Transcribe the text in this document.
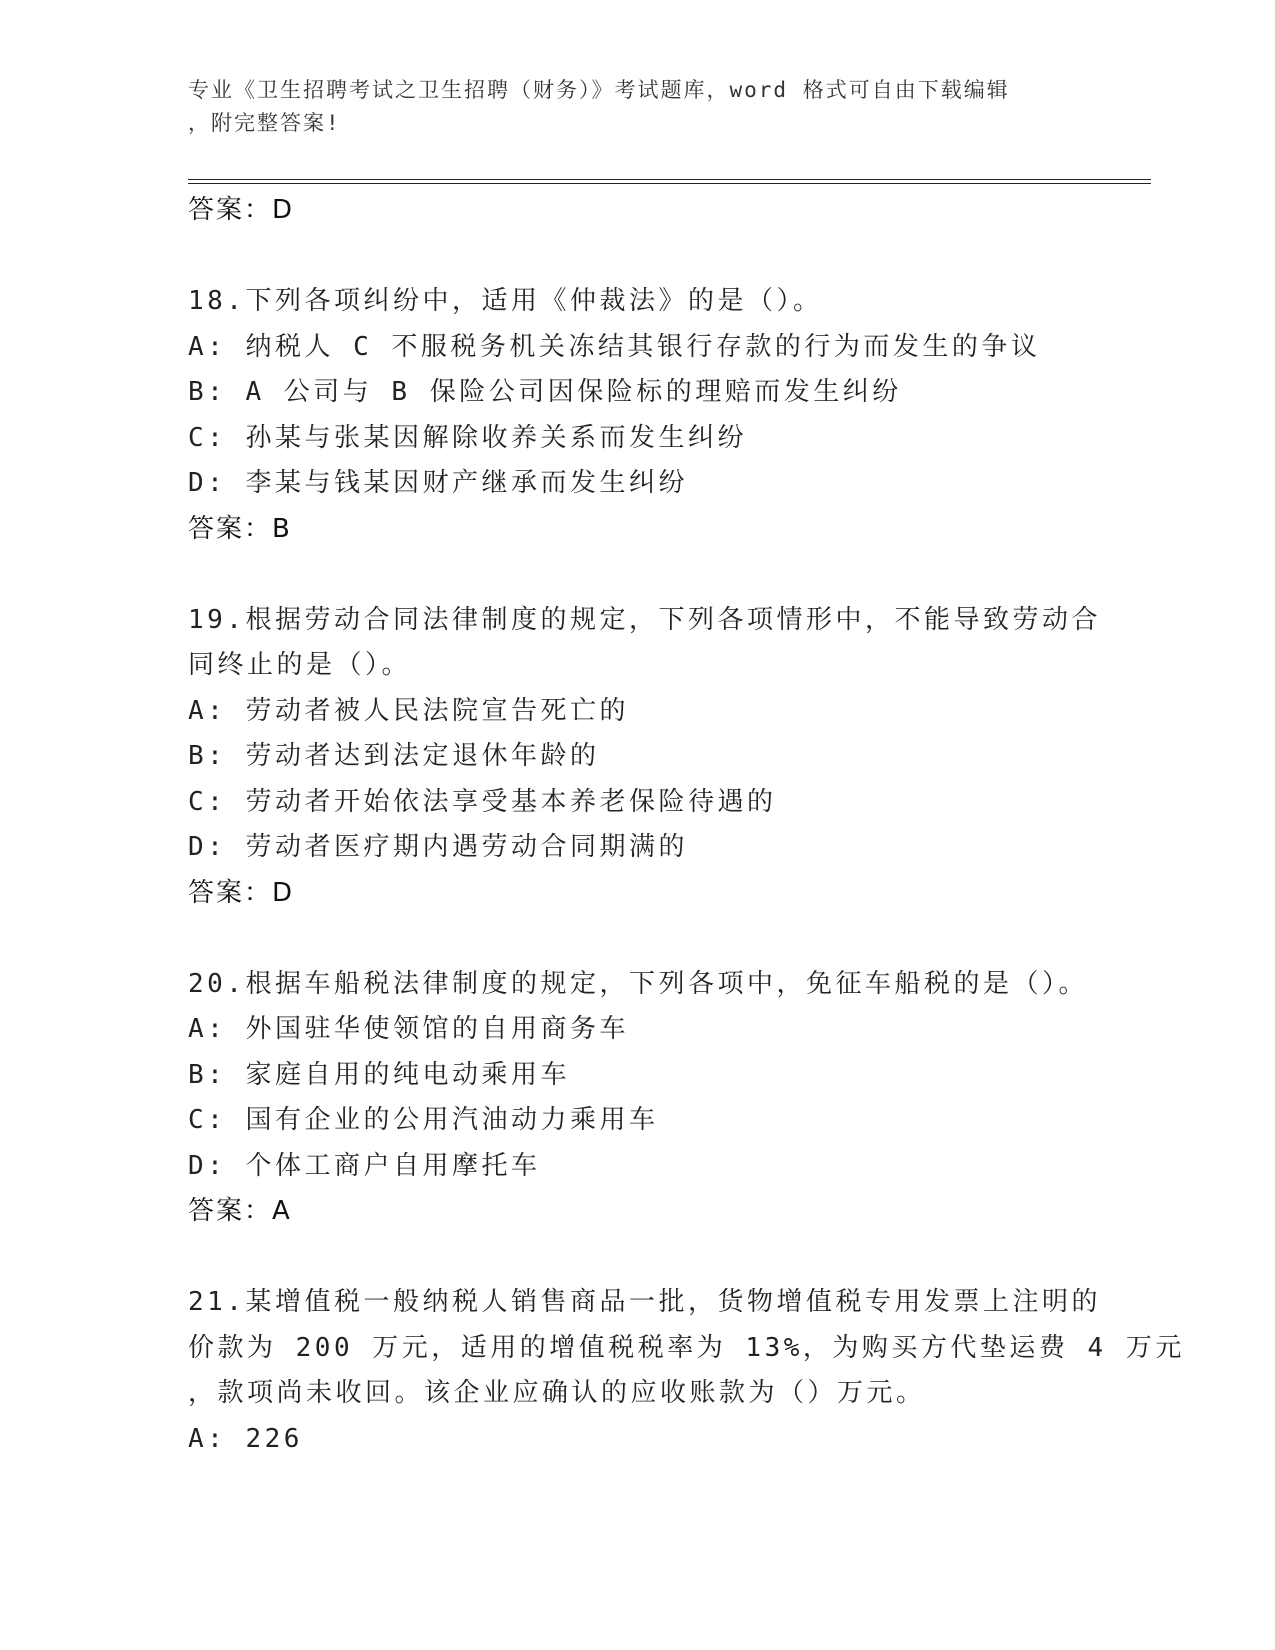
专业《卫生招聘考试之卫生招聘（财务）》考试题库，word 格式可自由下载编辑
，附完整答案!
答案：D
18.下列各项纠纷中，适用《仲裁法》的是（）。
A: 纳税人 C 不服税务机关冻结其银行存款的行为而发生的争议
B: A 公司与 B 保险公司因保险标的理赔而发生纠纷
C: 孙某与张某因解除收养关系而发生纠纷
D: 李某与钱某因财产继承而发生纠纷
答案：B
19.根据劳动合同法律制度的规定，下列各项情形中，不能导致劳动合
同终止的是（）。
A: 劳动者被人民法院宣告死亡的
B: 劳动者达到法定退休年龄的
C: 劳动者开始依法享受基本养老保险待遇的
D: 劳动者医疗期内遇劳动合同期满的
答案：D
20.根据车船税法律制度的规定，下列各项中，免征车船税的是（）。
A: 外国驻华使领馆的自用商务车
B: 家庭自用的纯电动乘用车
C: 国有企业的公用汽油动力乘用车
D: 个体工商户自用摩托车
答案：A
21.某增值税一般纳税人销售商品一批，货物增值税专用发票上注明的
价款为 200 万元，适用的增值税税率为 13%，为购买方代垫运费 4 万元
，款项尚未收回。该企业应确认的应收账款为（）万元。
A: 226
